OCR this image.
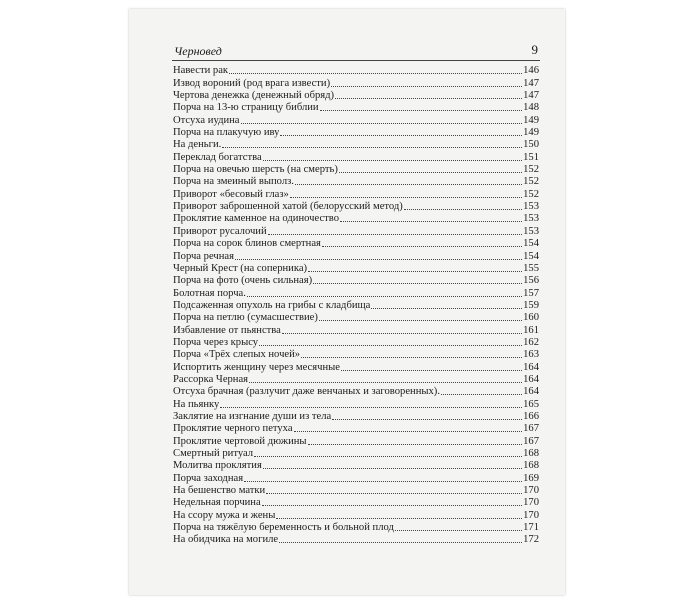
Черновед	9
Навести рак	146
Извод вороний (род врага извести)	147
Чертова денежка (денежный обряд)	147
Порча на 13-ю страницу библии	148
Отсуха иудина	149
Порча на плакучую иву	149
На деньги.	150
Переклад богатства	151
Порча на овечью шерсть (на смерть)	152
Порча на змеиный выполз.	152
Приворот «бесовый глаз»	152
Приворот заброшенной хатой (белорусский метод)	153
Проклятие каменное на одиночество	153
Приворот русалочий	153
Порча на сорок блинов смертная	154
Порча речная	154
Черный Крест (на соперника)	155
Порча на фото (очень сильная)	156
Болотная порча.	157
Подсаженная опухоль на грибы с кладбища	159
Порча на петлю (сумасшествие)	160
Избавление от пьянства	161
Порча через крысу	162
Порча «Трёх слепых ночей»	163
Испортить женщину через месячные	164
Рассорка Черная	164
Отсуха брачная (разлучит даже венчаных и заговоренных).	164
На пьянку	165
Заклятие на изгнание души из тела	166
Проклятие черного петуха	167
Проклятие чертовой дюжины	167
Смертный ритуал	168
Молитва проклятия	168
Порча заходная	169
На бешенство матки	170
Недельная порчина	170
На ссору мужа и жены	170
Порча на тяжёлую беременность и больной плод	171
На обидчика на могиле	172
